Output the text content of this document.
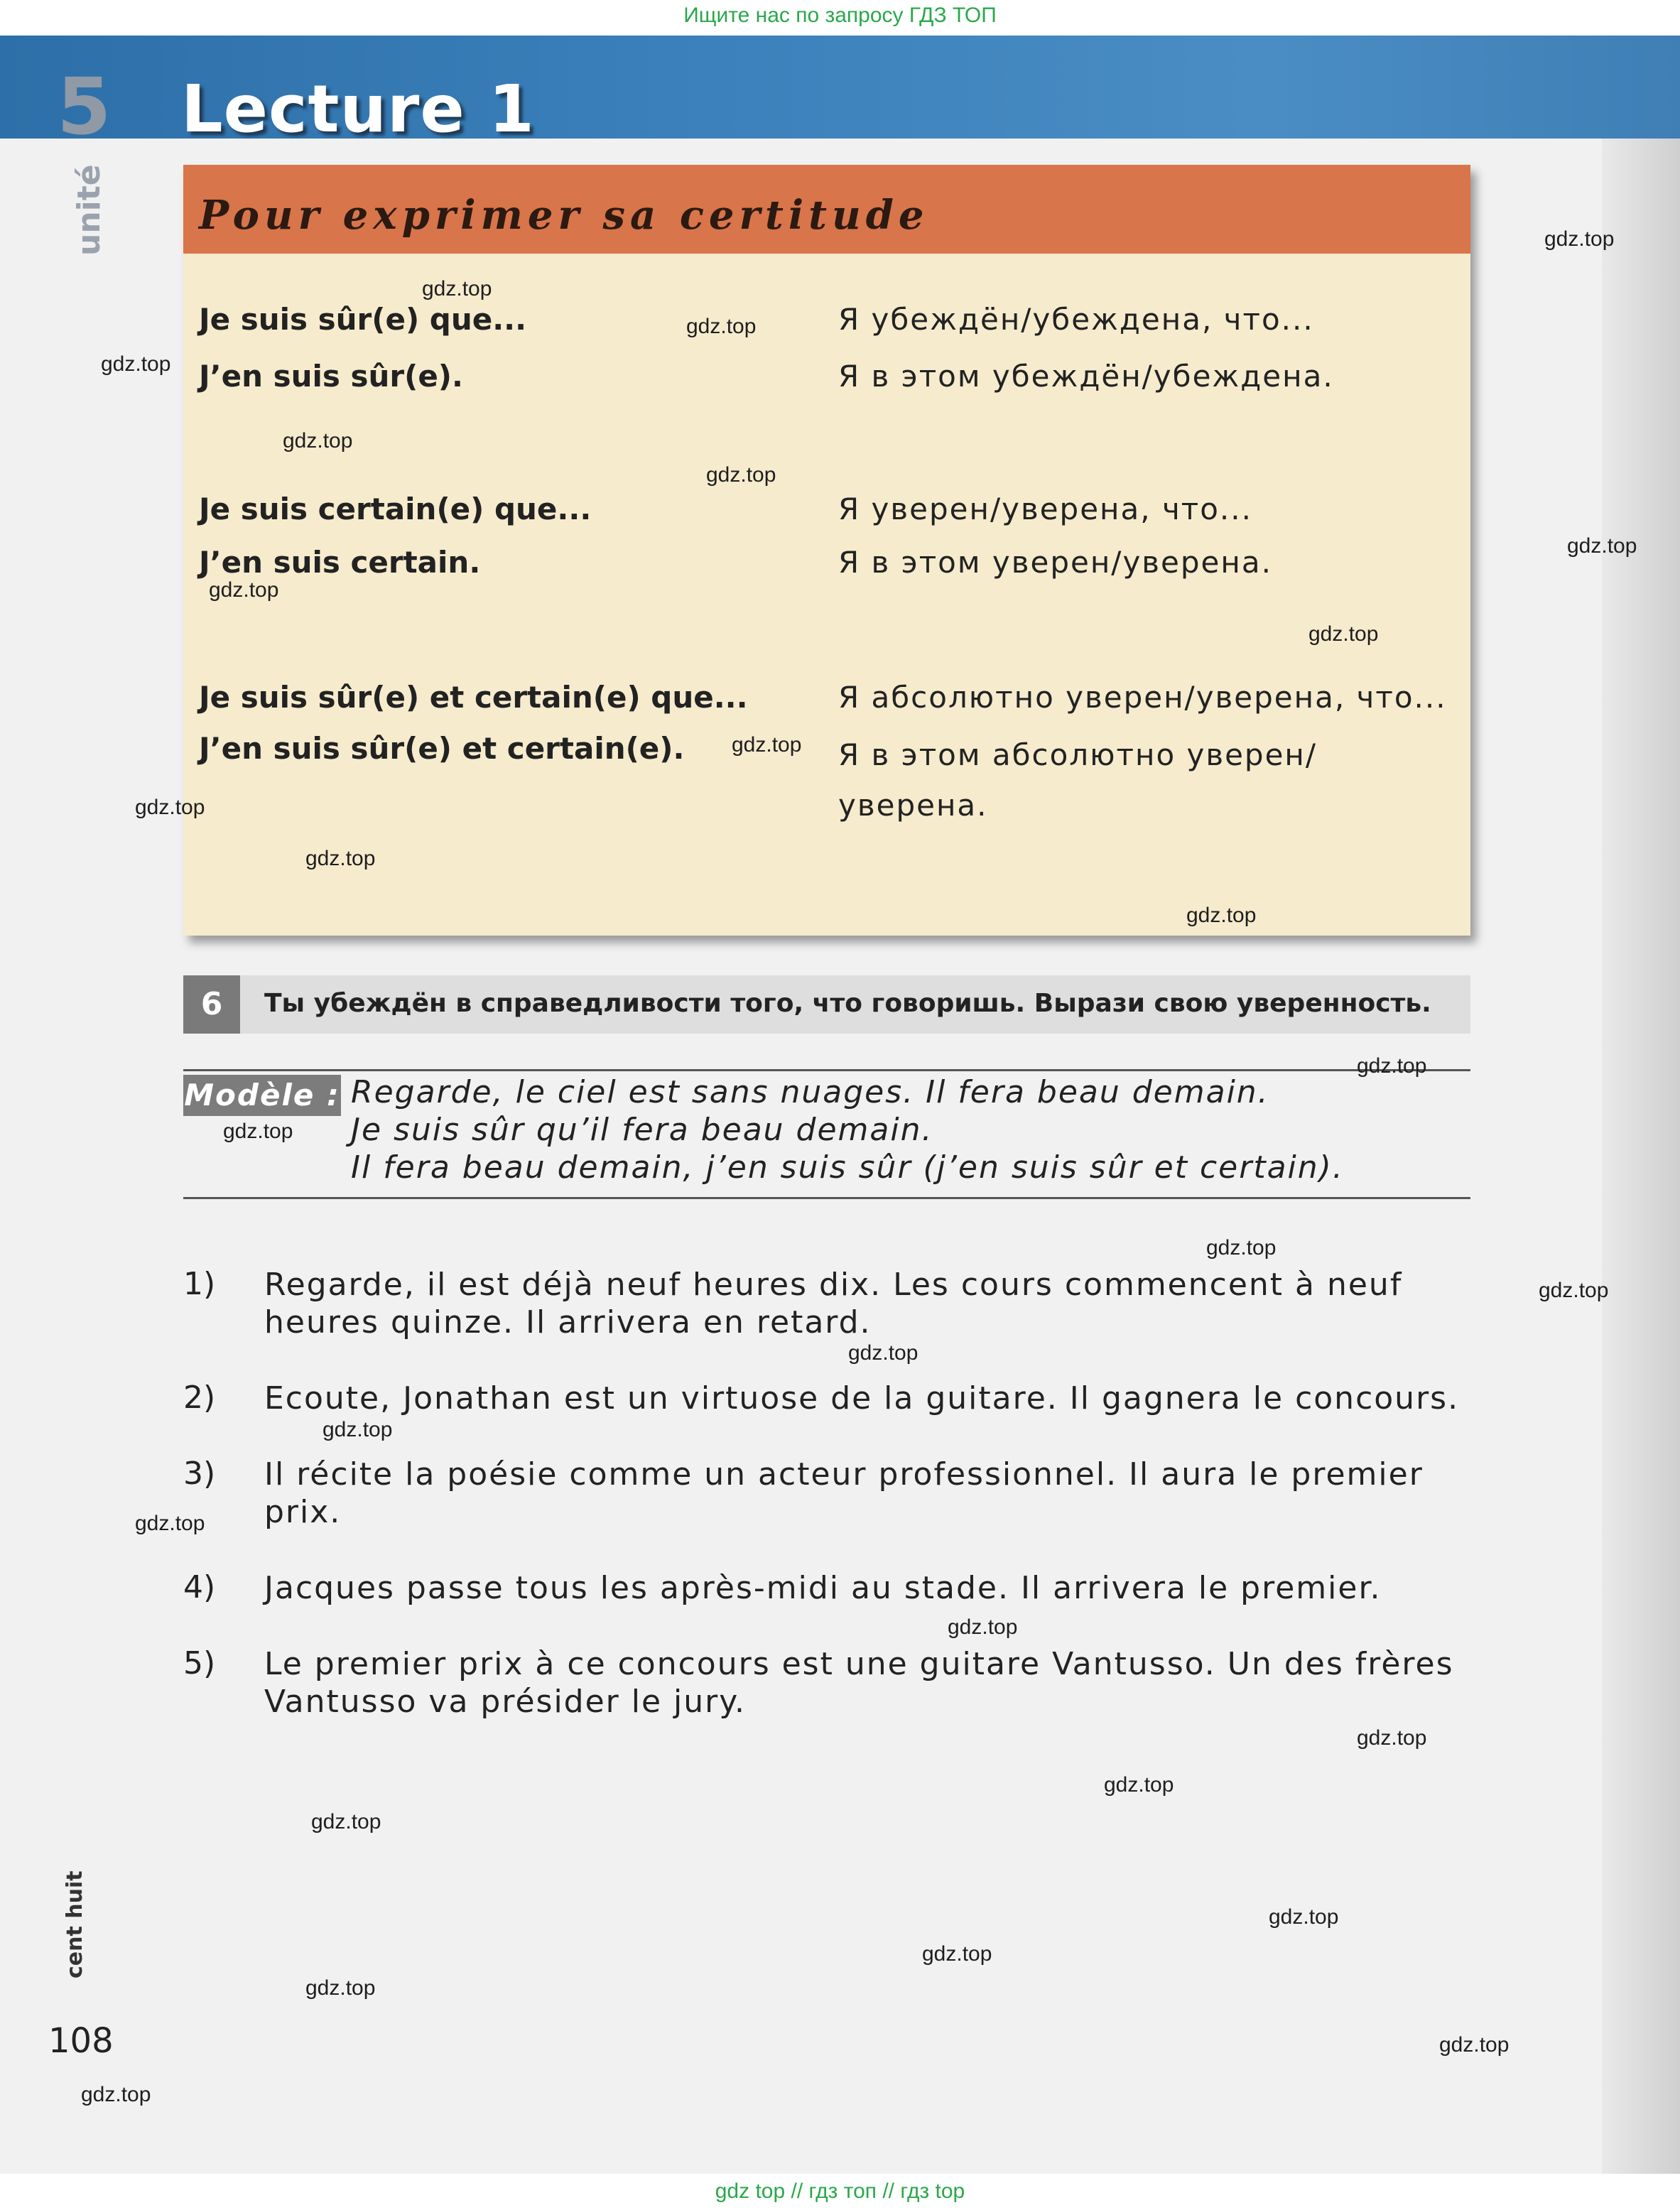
Ищите нас по запросу ГДЗ ТОП
5
unité
Lecture 1
Pour exprimer sa certitude
Je suis sûr(e) que...	Я убеждён/убеждена, что...
J’en suis sûr(e).	Я в этом убеждён/убеждена.
Je suis certain(e) que...	Я уверен/уверена, что...
J’en suis certain.	Я в этом уверен/уверена.
Je suis sûr(e) et certain(e) que...	Я абсолютно уверен/уверена, что...
J’en suis sûr(e) et certain(e).	Я в этом абсолютно уверен/
уверена.
6	Ты убеждён в справедливости того, что говоришь. Вырази свою уверенность.
Modèle : Regarde, le ciel est sans nuages. Il fera beau demain.
Je suis sûr qu’il fera beau demain.
Il fera beau demain, j’en suis sûr (j’en suis sûr et certain).
1) Regarde, il est déjà neuf heures dix. Les cours commencent à neuf
heures quinze. Il arrivera en retard.
2) Ecoute, Jonathan est un virtuose de la guitare. Il gagnera le concours.
3) Il récite la poésie comme un acteur professionnel. Il aura le premier
prix.
4) Jacques passe tous les après-midi au stade. Il arrivera le premier.
5) Le premier prix à ce concours est une guitare Vantusso. Un des frères
Vantusso va présider le jury.
cent huit
108
gdz.top
gdz.top
gdz.top
gdz.top
gdz.top
gdz.top
gdz.top
gdz.top
gdz.top
gdz.top
gdz.top
gdz.top
gdz.top
gdz.top
gdz.top
gdz.top
gdz.top
gdz.top
gdz.top
gdz.top
gdz.top
gdz.top
gdz.top
gdz.top
gdz.top
gdz.top
gdz.top
gdz.top
gdz.top
gdz top // гдз топ // гдз top
